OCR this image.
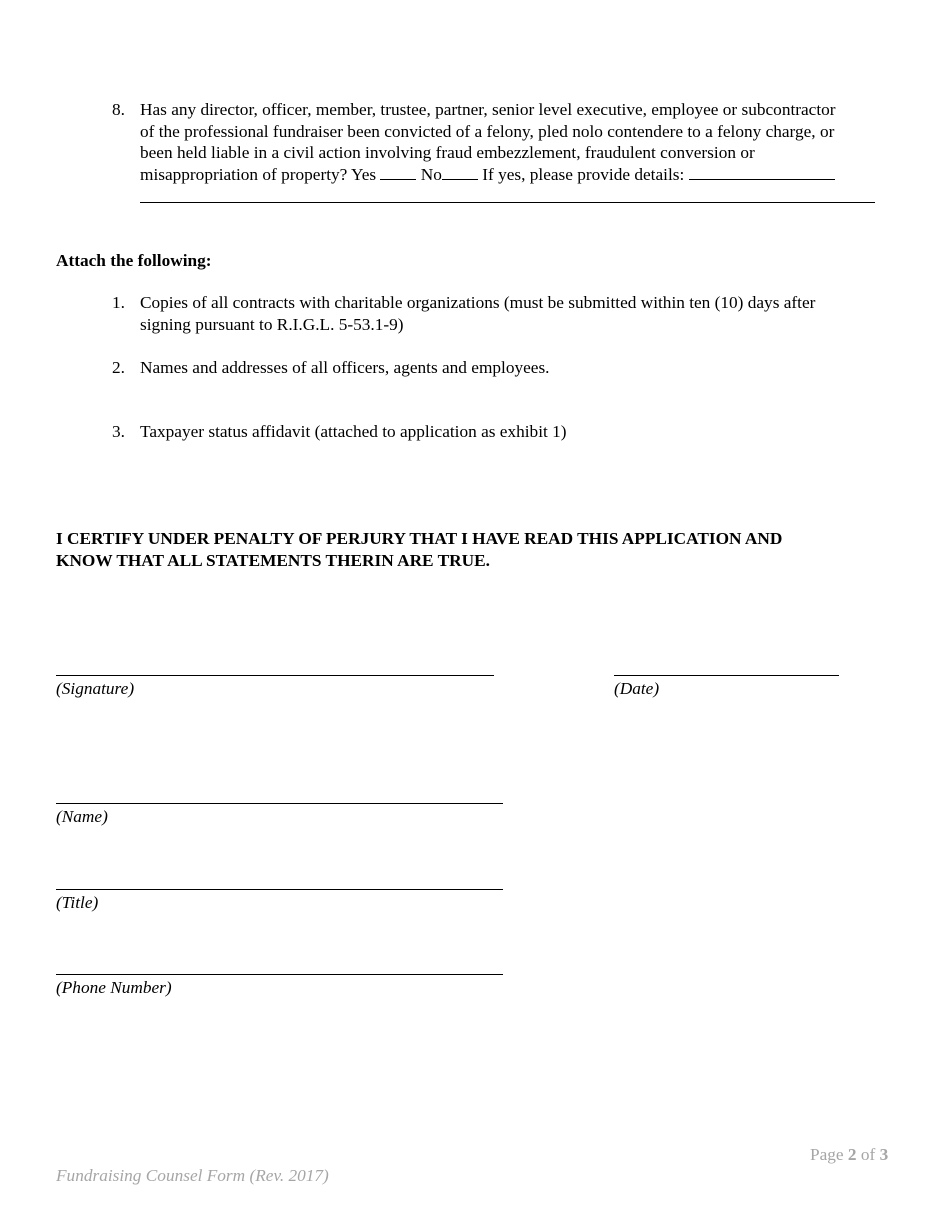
8. Has any director, officer, member, trustee, partner, senior level executive, employee or subcontractor
of the professional fundraiser been convicted of a felony, pled nolo contendere to a felony charge, or
been held liable in a civil action involving fraud embezzlement, fraudulent conversion or
misappropriation of property? Yes	No If yes, please provide details:
Attach the following:
1. Copies of all contracts with charitable organizations (must be submitted within ten (10) days after
signing pursuant to R.I.G.L. 5-53.1-9)
2. Names and addresses of all officers, agents and employees.
3. Taxpayer status affidavit (attached to application as exhibit 1)
I CERTIFY UNDER PENALTY OF PERJURY THAT I HAVE READ THIS APPLICATION AND
KNOW THAT ALL STATEMENTS THERIN ARE TRUE.
(Signature)	(Date)
(Name)
(Title)
(Phone Number)
Page 2 of 3
Fundraising Counsel Form (Rev. 2017)
